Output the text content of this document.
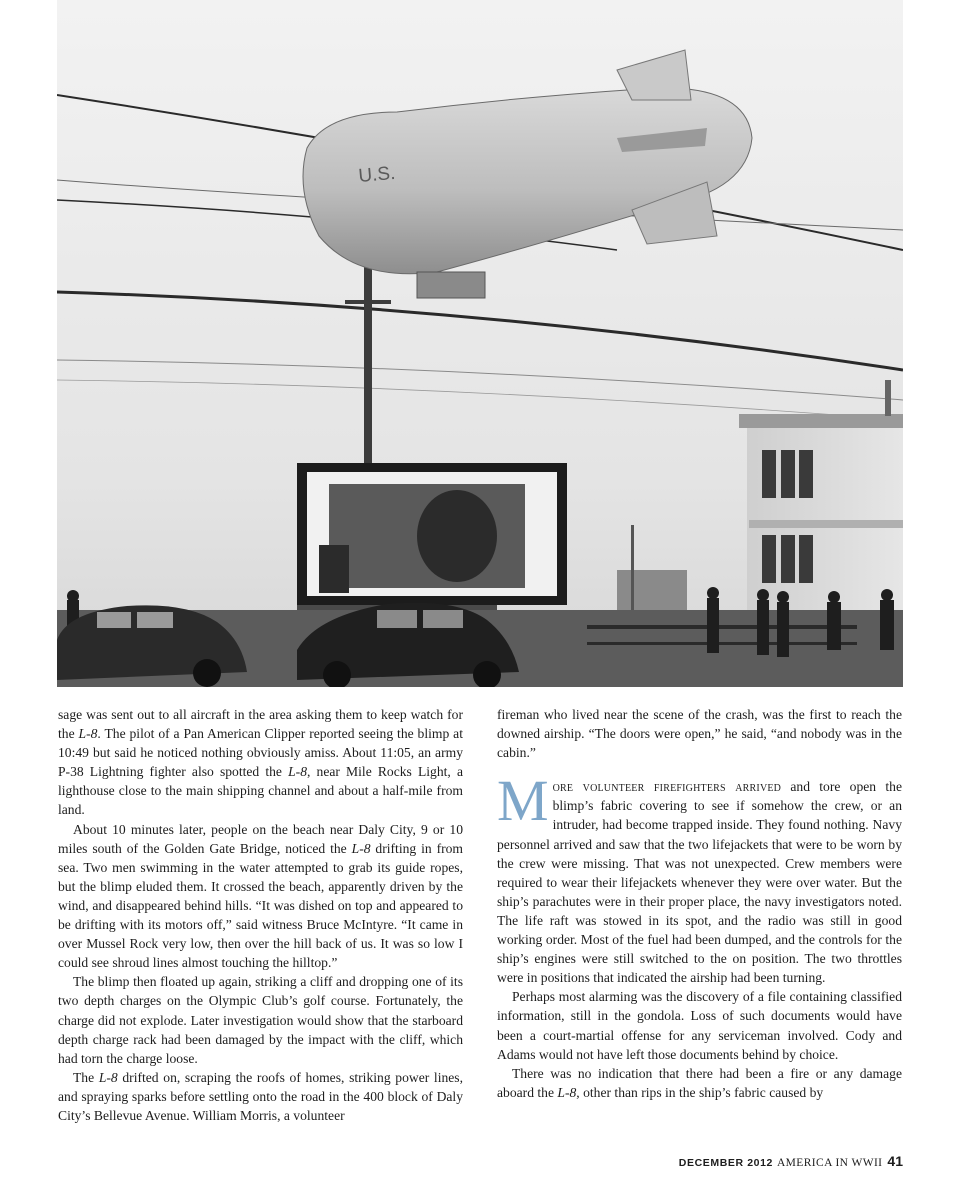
U.S.

sage was sent out to all aircraft in the area asking them to keep watch for the L-8. The pilot of a Pan American Clipper reported seeing the blimp at 10:49 but said he noticed nothing obviously amiss. About 11:05, an army P-38 Lightning fighter also spotted the L-8, near Mile Rocks Light, a lighthouse close to the main shipping channel and about a half-mile from land.

About 10 minutes later, people on the beach near Daly City, 9 or 10 miles south of the Golden Gate Bridge, noticed the L-8 drifting in from sea. Two men swimming in the water attempted to grab its guide ropes, but the blimp eluded them. It crossed the beach, apparently driven by the wind, and disappeared behind hills. “It was dished on top and appeared to be drifting with its motors off,” said witness Bruce McIntyre. “It came in over Mussel Rock very low, then over the hill back of us. It was so low I could see shroud lines almost touching the hilltop.”

The blimp then floated up again, striking a cliff and dropping one of its two depth charges on the Olympic Club’s golf course. Fortunately, the charge did not explode. Later investigation would show that the starboard depth charge rack had been damaged by the impact with the cliff, which had torn the charge loose.

The L-8 drifted on, scraping the roofs of homes, striking power lines, and spraying sparks before settling onto the road in the 400 block of Daly City’s Bellevue Avenue. William Morris, a volunteer

fireman who lived near the scene of the crash, was the first to reach the downed airship. “The doors were open,” he said, “and nobody was in the cabin.”

More volunteer firefighters arrived and tore open the blimp’s fabric covering to see if somehow the crew, or an intruder, had become trapped inside. They found nothing. Navy personnel arrived and saw that the two lifejackets that were to be worn by the crew were missing. That was not unexpected. Crew members were required to wear their lifejackets whenever they were over water. But the ship’s parachutes were in their proper place, the navy investigators noted. The life raft was stowed in its spot, and the radio was still in good working order. Most of the fuel had been dumped, and the controls for the ship’s engines were still switched to the on position. The two throttles were in positions that indicated the airship had been turning.

Perhaps most alarming was the discovery of a file containing classified information, still in the gondola. Loss of such documents would have been a court-martial offense for any serviceman involved. Cody and Adams would not have left those documents behind by choice.

There was no indication that there had been a fire or any damage aboard the L-8, other than rips in the ship’s fabric caused by

DECEMBER 2012 AMERICA IN WWII 41
